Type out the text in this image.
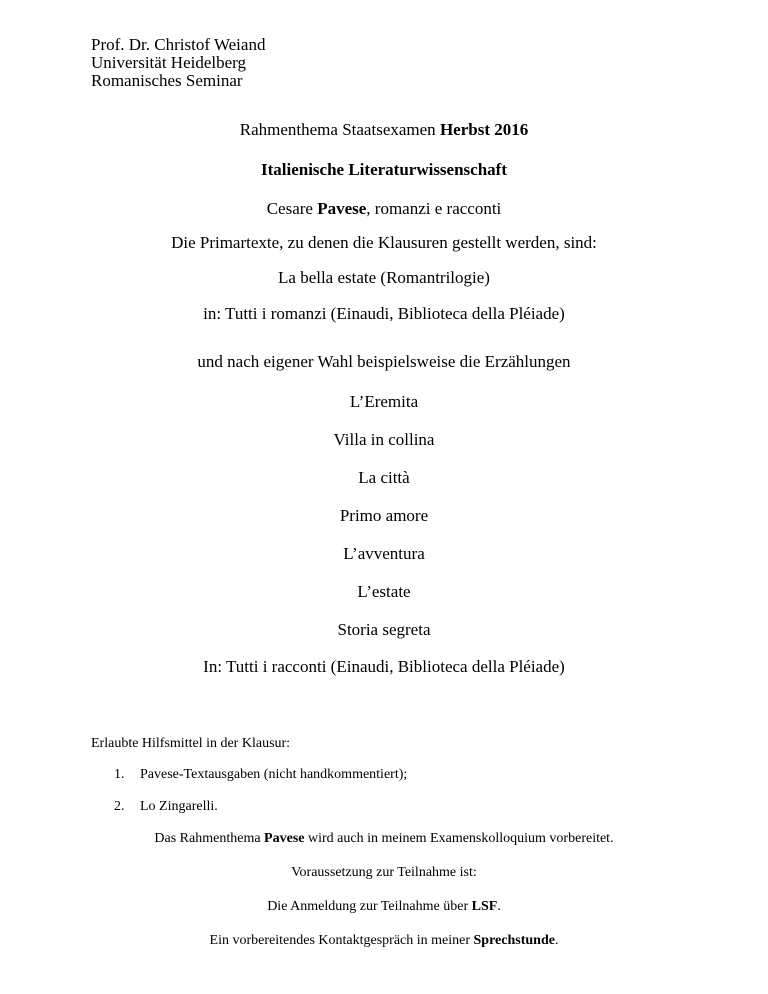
Prof. Dr. Christof Weiand
Universität Heidelberg
Romanisches Seminar
Rahmenthema Staatsexamen Herbst 2016
Italienische Literaturwissenschaft
Cesare Pavese, romanzi e racconti
Die Primartexte, zu denen die Klausuren gestellt werden, sind:
La bella estate (Romantrilogie)
in: Tutti i romanzi (Einaudi, Biblioteca della Pléiade)
und nach eigener Wahl beispielsweise die Erzählungen
L’Eremita
Villa in collina
La città
Primo amore
L’avventura
L’estate
Storia segreta
In: Tutti i racconti (Einaudi, Biblioteca della Pléiade)
Erlaubte Hilfsmittel in der Klausur:
1. Pavese-Textausgaben (nicht handkommentiert);
2. Lo Zingarelli.
Das Rahmenthema Pavese wird auch in meinem Examenskolloquium vorbereitet.
Voraussetzung zur Teilnahme ist:
Die Anmeldung zur Teilnahme über LSF.
Ein vorbereitendes Kontaktgespräch in meiner Sprechstunde.
